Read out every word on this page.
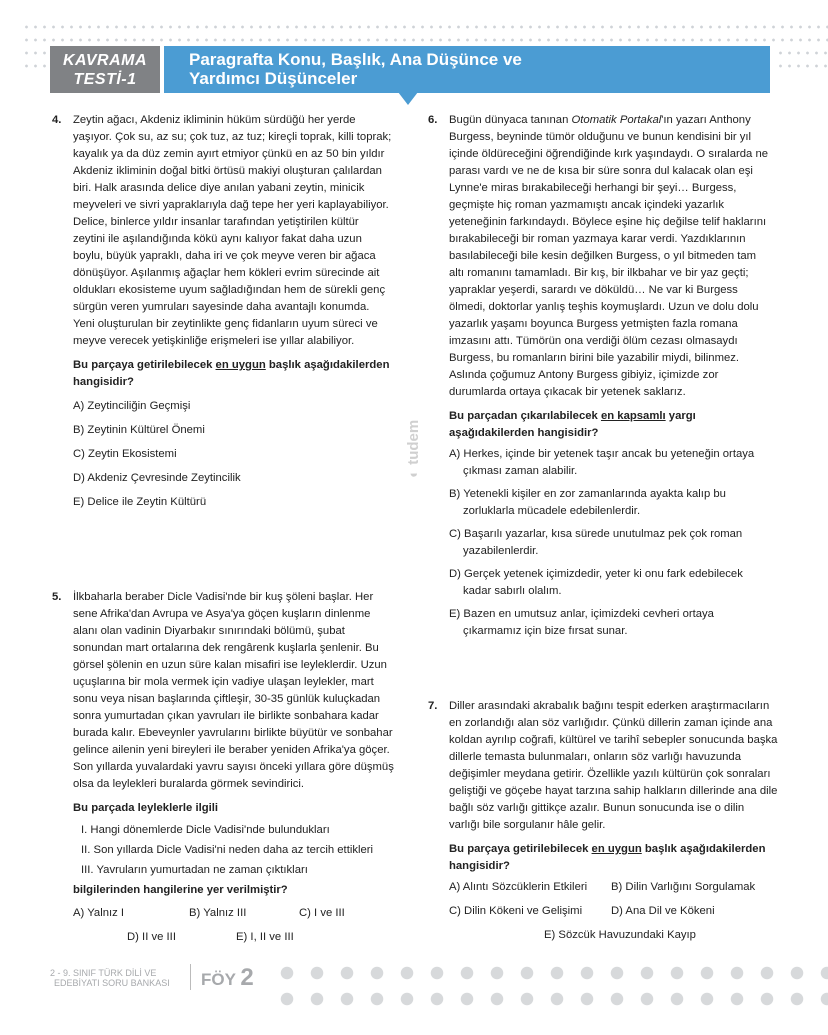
KAVRAMA
TESTİ-1
Paragrafta Konu, Başlık, Ana Düşünce ve
Yardımcı Düşünceler
4. Zeytin ağacı, Akdeniz ikliminin hüküm sürdüğü her yerde yaşıyor. Çok su, az su; çok tuz, az tuz; kireçli toprak, killi toprak; kayalık ya da düz zemin ayırt etmiyor çünkü en az 50 bin yıldır Akdeniz ikliminin doğal bitki örtüsü makiyi oluşturan çalılardan biri. Halk arasında delice diye anılan yabani zeytin, minicik meyveleri ve sivri yapraklarıyla dağ tepe her yeri kaplayabiliyor. Delice, binlerce yıldır insanlar tarafından yetiştirilen kültür zeytini ile aşılandığında kökü aynı kalıyor fakat daha uzun boylu, büyük yapraklı, daha iri ve çok meyve veren bir ağaca dönüşüyor. Aşılanmış ağaçlar hem kökleri evrim sürecinde ait oldukları ekosisteme uyum sağladığından hem de sürekli genç sürgün veren yumruları sayesinde daha avantajlı konumda. Yeni oluşturulan bir zeytinlikte genç fidanların uyum süreci ve meyve verecek yetişkinliğe erişmeleri ise yıllar alabiliyor.
Bu parçaya getirilebilecek en uygun başlık aşağıdakilerden hangisidir?
A) Zeytinciliğin Geçmişi
B) Zeytinin Kültürel Önemi
C) Zeytin Ekosistemi
D) Akdeniz Çevresinde Zeytincilik
E) Delice ile Zeytin Kültürü
5. İlkbaharla beraber Dicle Vadisi'nde bir kuş şöleni başlar. Her sene Afrika'dan Avrupa ve Asya'ya göçen kuşların dinlenme alanı olan vadinin Diyarbakır sınırındaki bölümü, şubat sonundan mart ortalarına dek rengârenk kuşlarla şenlenir. Bu görsel şölenin en uzun süre kalan misafiri ise leyleklerdir. Uzun uçuşlarına bir mola vermek için vadiye ulaşan leylekler, mart sonu veya nisan başlarında çiftleşir, 30-35 günlük kuluçkadan sonra yumurtadan çıkan yavruları ile birlikte sonbahara kadar burada kalır. Ebeveynler yavrularını birlikte büyütür ve sonbahar gelince ailenin yeni bireyleri ile beraber yeniden Afrika'ya göçer. Son yıllarda yuvalardaki yavru sayısı önceki yıllara göre düşmüş olsa da leylekleri buralarda görmek sevindirici.
Bu parçada leyleklerle ilgili
I. Hangi dönemlerde Dicle Vadisi'nde bulundukları
II. Son yıllarda Dicle Vadisi'ni neden daha az tercih ettikleri
III. Yavruların yumurtadan ne zaman çıktıkları
bilgilerinden hangilerine yer verilmiştir?
A) Yalnız I	B) Yalnız III	C) I ve III
D) II ve III	E) I, II ve III
◐ tudem
6. Bugün dünyaca tanınan Otomatik Portakal'ın yazarı Anthony Burgess, beyninde tümör olduğunu ve bunun kendisini bir yıl içinde öldüreceğini öğrendiğinde kırk yaşındaydı. O sıralarda ne parası vardı ve ne de kısa bir süre sonra dul kalacak olan eşi Lynne'e miras bırakabileceği herhangi bir şeyi… Burgess, geçmişte hiç roman yazmamıştı ancak içindeki yazarlık yeteneğinin farkındaydı. Böylece eşine hiç değilse telif haklarını bırakabileceği bir roman yazmaya karar verdi. Yazdıklarının basılabileceği bile kesin değilken Burgess, o yıl bitmeden tam altı romanını tamamladı. Bir kış, bir ilkbahar ve bir yaz geçti; yapraklar yeşerdi, sarardı ve döküldü… Ne var ki Burgess ölmedi, doktorlar yanlış teşhis koymuşlardı. Uzun ve dolu dolu yazarlık yaşamı boyunca Burgess yetmişten fazla romana imzasını attı. Tümörün ona verdiği ölüm cezası olmasaydı Burgess, bu romanların birini bile yazabilir miydi, bilinmez. Aslında çoğumuz Antony Burgess gibiyiz, içimizde zor durumlarda ortaya çıkacak bir yetenek saklarız.
Bu parçadan çıkarılabilecek en kapsamlı yargı aşağıdakilerden hangisidir?
A) Herkes, içinde bir yetenek taşır ancak bu yeteneğin ortaya çıkması zaman alabilir.
B) Yetenekli kişiler en zor zamanlarında ayakta kalıp bu zorluklarla mücadele edebilenlerdir.
C) Başarılı yazarlar, kısa sürede unutulmaz pek çok roman yazabilenlerdir.
D) Gerçek yetenek içimizdedir, yeter ki onu fark edebilecek kadar sabırlı olalım.
E) Bazen en umutsuz anlar, içimizdeki cevheri ortaya çıkarmamız için bize fırsat sunar.
7. Diller arasındaki akrabalık bağını tespit ederken araştırmacıların en zorlandığı alan söz varlığıdır. Çünkü dillerin zaman içinde ana koldan ayrılıp coğrafi, kültürel ve tarihî sebepler sonucunda başka dillerle temasta bulunmaları, onların söz varlığı havuzunda değişimler meydana getirir. Özellikle yazılı kültürün çok sonraları geliştiği ve göçebe hayat tarzına sahip halkların dillerinde ana dile bağlı söz varlığı gittikçe azalır. Bunun sonucunda ise o dilin varlığı bile sorgulanır hâle gelir.
Bu parçaya getirilebilecek en uygun başlık aşağıdakilerden hangisidir?
A) Alıntı Sözcüklerin Etkileri	B) Dilin Varlığını Sorgulamak
C) Dilin Kökeni ve Gelişimi	D) Ana Dil ve Kökeni
E) Sözcük Havuzundaki Kayıp
2 - 9. SINIF TÜRK DİLİ VE
EDEBİYATI SORU BANKASI	FÖY 2
